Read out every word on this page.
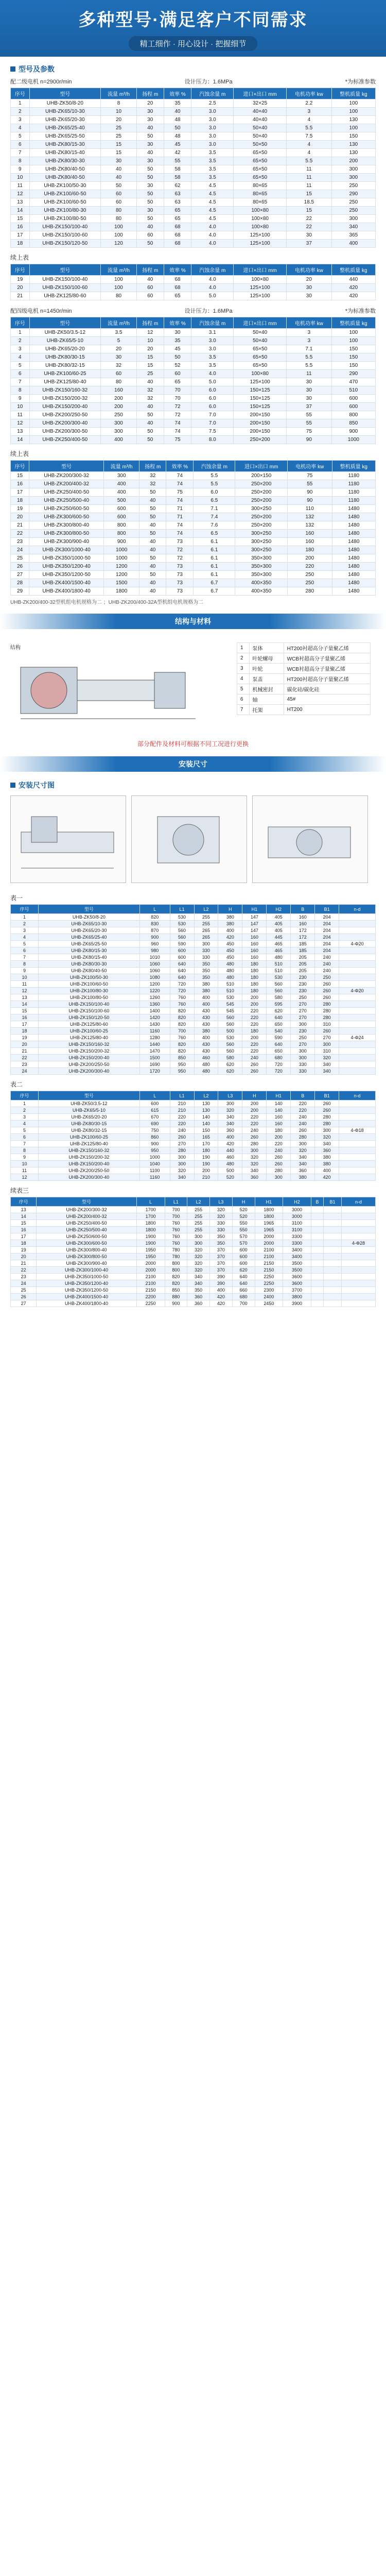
多种型号·满足客户不同需求
精工细作 · 用心设计 · 把握细节
型号及参数
配二级电机 n=2900r/min	设计压力：1.6MPa	*为标准参数
序号	型号	流量 m³/h	扬程 m	效率 %	汽蚀余量 m	进口×出口 mm	电机功率 kw	整机质量 kg
1	UHB-ZK50/8-20	8	20	35	2.5	32×25	2.2	100
2	UHB-ZK65/10-30	10	30	40	3.0	40×40	3	100
3	UHB-ZK65/20-30	20	30	48	3.0	40×40	4	130
4	UHB-ZK65/25-40	25	40	50	3.0	50×40	5.5	100
5	UHB-ZK65/25-50	25	50	48	3.0	50×40	7.5	150
6	UHB-ZK80/15-30	15	30	45	3.0	50×50	4	130
7	UHB-ZK80/15-40	15	40	42	3.5	65×50	4	130
8	UHB-ZK80/30-30	30	30	55	3.5	65×50	5.5	200
9	UHB-ZK80/40-50	40	50	58	3.5	65×50	11	300
10	UHB-ZK80/40-50	40	50	58	3.5	65×50	11	300
11	UHB-ZK100/50-30	50	30	62	4.5	80×65	11	250
12	UHB-ZK100/60-50	60	50	63	4.5	80×65	15	290
13	UHB-ZK100/60-50	60	50	63	4.5	80×65	18.5	250
14	UHB-ZK100/80-30	80	30	65	4.5	100×80	15	250
15	UHB-ZK100/80-50	80	50	65	4.5	100×80	22	300
16	UHB-ZK150/100-40	100	40	68	4.0	100×80	22	340
17	UHB-ZK150/100-60	100	60	68	4.0	125×100	30	365
18	UHB-ZK150/120-50	120	50	68	4.0	125×100	37	400
续上表
序号	型号	流量 m³/h	扬程 m	效率 %	汽蚀余量 m	进口×出口 mm	电机功率 kw	整机质量 kg
19	UHB-ZK150/100-40	100	40	68	4.0	100×80	20	440
20	UHB-ZK150/100-60	100	60	68	4.0	125×100	30	420
21	UHB-ZK125/80-60	80	60	65	5.0	125×100	30	420
配四级电机 n=1450r/min	设计压力：1.6MPa	*为标准参数
序号	型号	流量 m³/h	扬程 m	效率 %	汽蚀余量 m	进口×出口 mm	电机功率 kw	整机质量 kg
1	UHB-ZK50/3.5-12	3.5	12	30	3.1	50×40	3	100
2	UHB-ZK65/5-10	5	10	35	3.0	50×40	3	100
3	UHB-ZK65/20-20	20	20	45	3.0	65×50	7.1	150
4	UHB-ZK80/30-15	30	15	50	3.5	65×50	5.5	150
5	UHB-ZK80/32-15	32	15	52	3.5	65×50	5.5	150
6	UHB-ZK100/60-25	60	25	60	4.0	100×80	11	290
7	UHB-ZK125/80-40	80	40	65	5.0	125×100	30	470
8	UHB-ZK150/160-32	160	32	70	6.0	150×125	30	510
9	UHB-ZK150/200-32	200	32	70	6.0	150×125	30	600
10	UHB-ZK150/200-40	200	40	72	6.0	150×125	37	600
11	UHB-ZK200/250-50	250	50	72	7.0	200×150	55	800
12	UHB-ZK200/300-40	300	40	74	7.0	200×150	55	850
13	UHB-ZK200/300-50	300	50	74	7.5	200×150	75	900
14	UHB-ZK250/400-50	400	50	75	8.0	250×200	90	1000
续上表
序号	型号	流量 m³/h	扬程 m	效率 %	汽蚀余量 m	进口×出口 mm	电机功率 kw	整机质量 kg
15	UHB-ZK200/300-32	300	32	74	5.5	200×150	75	1180
16	UHB-ZK200/400-32	400	32	74	5.5	250×200	55	1180
17	UHB-ZK250/400-50	400	50	75	6.0	250×200	90	1180
18	UHB-ZK250/500-40	500	40	74	6.5	250×200	90	1180
19	UHB-ZK250/600-50	600	50	71	7.1	300×250	110	1480
20	UHB-ZK300/600-50	600	50	71	7.4	250×200	132	1480
21	UHB-ZK300/800-40	800	40	74	7.6	250×200	132	1480
22	UHB-ZK300/800-50	800	50	74	6.5	300×250	160	1480
23	UHB-ZK300/900-40	900	40	73	6.1	300×250	160	1480
24	UHB-ZK300/1000-40	1000	40	72	6.1	300×250	180	1480
25	UHB-ZK350/1000-50	1000	50	72	6.1	350×300	200	1480
26	UHB-ZK350/1200-40	1200	40	73	6.1	350×300	220	1480
27	UHB-ZK350/1200-50	1200	50	73	6.1	350×300	250	1480
28	UHB-ZK400/1500-40	1500	40	73	6.7	400×350	250	1480
29	UHB-ZK400/1800-40	1800	40	73	6.7	400×350	280	1480
UHB-ZK200/400-32型机组电机规格为二 ；UHB-ZK200/400-32A型机组电机规格为二
结构与材料
结构	1	泵体	HT200衬超高分子量聚乙烯
2	叶轮螺母	WCB衬超高分子量聚乙烯
3	叶轮	WCB衬超高分子量聚乙烯
4	泵盖	HT200衬超高分子量聚乙烯
5	机械密封	碳化硅/碳化硅
6	轴	45#
7	托架	HT200
部分配件及材料可根据不同工况进行更换
安装尺寸
安装尺寸图
表一
序号	型号	L	L1	L2	H	H1	H2	B	B1	n-d
1	UHB-ZK50/8-20	820	530	255	380	147	405	160	204	
2	UHB-ZK65/10-30	830	530	255	380	147	405	160	204	
3	UHB-ZK65/20-30	870	560	265	400	147	405	172	204	
4	UHB-ZK65/25-40	900	560	265	420	160	445	172	204	
5	UHB-ZK65/25-50	960	590	300	450	160	465	185	204	4-Φ20
6	UHB-ZK80/15-30	980	600	330	450	160	465	185	204	
7	UHB-ZK80/15-40	1010	600	330	450	160	480	205	240	
8	UHB-ZK80/30-30	1060	640	350	480	180	510	205	240	
9	UHB-ZK80/40-50	1060	640	350	480	180	510	205	240	
10	UHB-ZK100/50-30	1080	640	350	480	180	530	230	250	
11	UHB-ZK100/60-50	1200	720	380	510	180	560	230	260	
12	UHB-ZK100/80-30	1220	720	380	510	180	560	230	260	4-Φ20
13	UHB-ZK100/80-50	1260	760	400	530	200	580	250	260	
14	UHB-ZK150/100-40	1360	760	400	545	200	595	270	280	
15	UHB-ZK150/100-60	1400	820	430	545	220	620	270	280	
16	UHB-ZK150/120-50	1420	820	430	560	220	640	270	280	
17	UHB-ZK125/80-60	1430	820	430	560	220	650	300	310	
18	UHB-ZK100/60-25	1160	700	380	500	180	540	230	260	
19	UHB-ZK125/80-40	1280	760	400	530	200	590	250	270	4-Φ24
20	UHB-ZK150/160-32	1440	820	430	560	220	640	270	300	
21	UHB-ZK150/200-32	1470	820	430	560	220	650	300	310	
22	UHB-ZK150/200-40	1500	850	460	580	240	680	300	320	
23	UHB-ZK200/250-50	1690	950	480	620	260	720	330	340	
24	UHB-ZK200/300-40	1720	950	480	620	260	720	330	340	
表二
序号	型号	L	L1	L2	L3	H	H1	B	B1	n-d
1	UHB-ZK50/3.5-12	600	210	130	300	200	140	220	260	
2	UHB-ZK65/5-10	615	210	130	320	200	140	220	260	
3	UHB-ZK65/20-20	670	220	140	340	220	160	240	280	
4	UHB-ZK80/30-15	690	220	140	340	220	160	240	280	
5	UHB-ZK80/32-15	750	240	150	360	240	180	260	300	4-Φ18
6	UHB-ZK100/60-25	860	260	165	400	260	200	280	320	
7	UHB-ZK125/80-40	900	270	170	420	280	220	300	340	
8	UHB-ZK150/160-32	950	280	180	440	300	240	320	360	
9	UHB-ZK150/200-32	1000	300	190	460	320	260	340	380	
10	UHB-ZK150/200-40	1040	300	190	480	320	260	340	380	
11	UHB-ZK200/250-50	1100	320	200	500	340	280	360	400	
12	UHB-ZK200/300-40	1160	340	210	520	360	300	380	420	
续表三
序号	型号	L	L1	L2	L3	H	H1	H2	B	B1	n-d
13	UHB-ZK200/300-32	1700	700	255	320	520	1800	3000			
14	UHB-ZK200/400-32	1700	700	255	320	520	1800	3000			
15	UHB-ZK250/400-50	1800	760	255	330	550	1965	3100			
16	UHB-ZK250/500-40	1800	760	255	330	550	1965	3100			
17	UHB-ZK250/600-50	1900	760	300	350	570	2000	3300			
18	UHB-ZK300/600-50	1900	760	300	350	570	2000	3300			4-Φ28
19	UHB-ZK300/800-40	1950	780	320	370	600	2100	3400			
20	UHB-ZK300/800-50	1950	780	320	370	600	2100	3400			
21	UHB-ZK300/900-40	2000	800	320	370	600	2150	3500			
22	UHB-ZK300/1000-40	2000	800	320	370	620	2150	3500			
23	UHB-ZK350/1000-50	2100	820	340	390	640	2250	3600			
24	UHB-ZK350/1200-40	2100	820	340	390	640	2250	3600			
25	UHB-ZK350/1200-50	2150	850	350	400	660	2300	3700			
26	UHB-ZK400/1500-40	2200	880	360	420	680	2400	3800			
27	UHB-ZK400/1800-40	2250	900	360	420	700	2450	3900			
